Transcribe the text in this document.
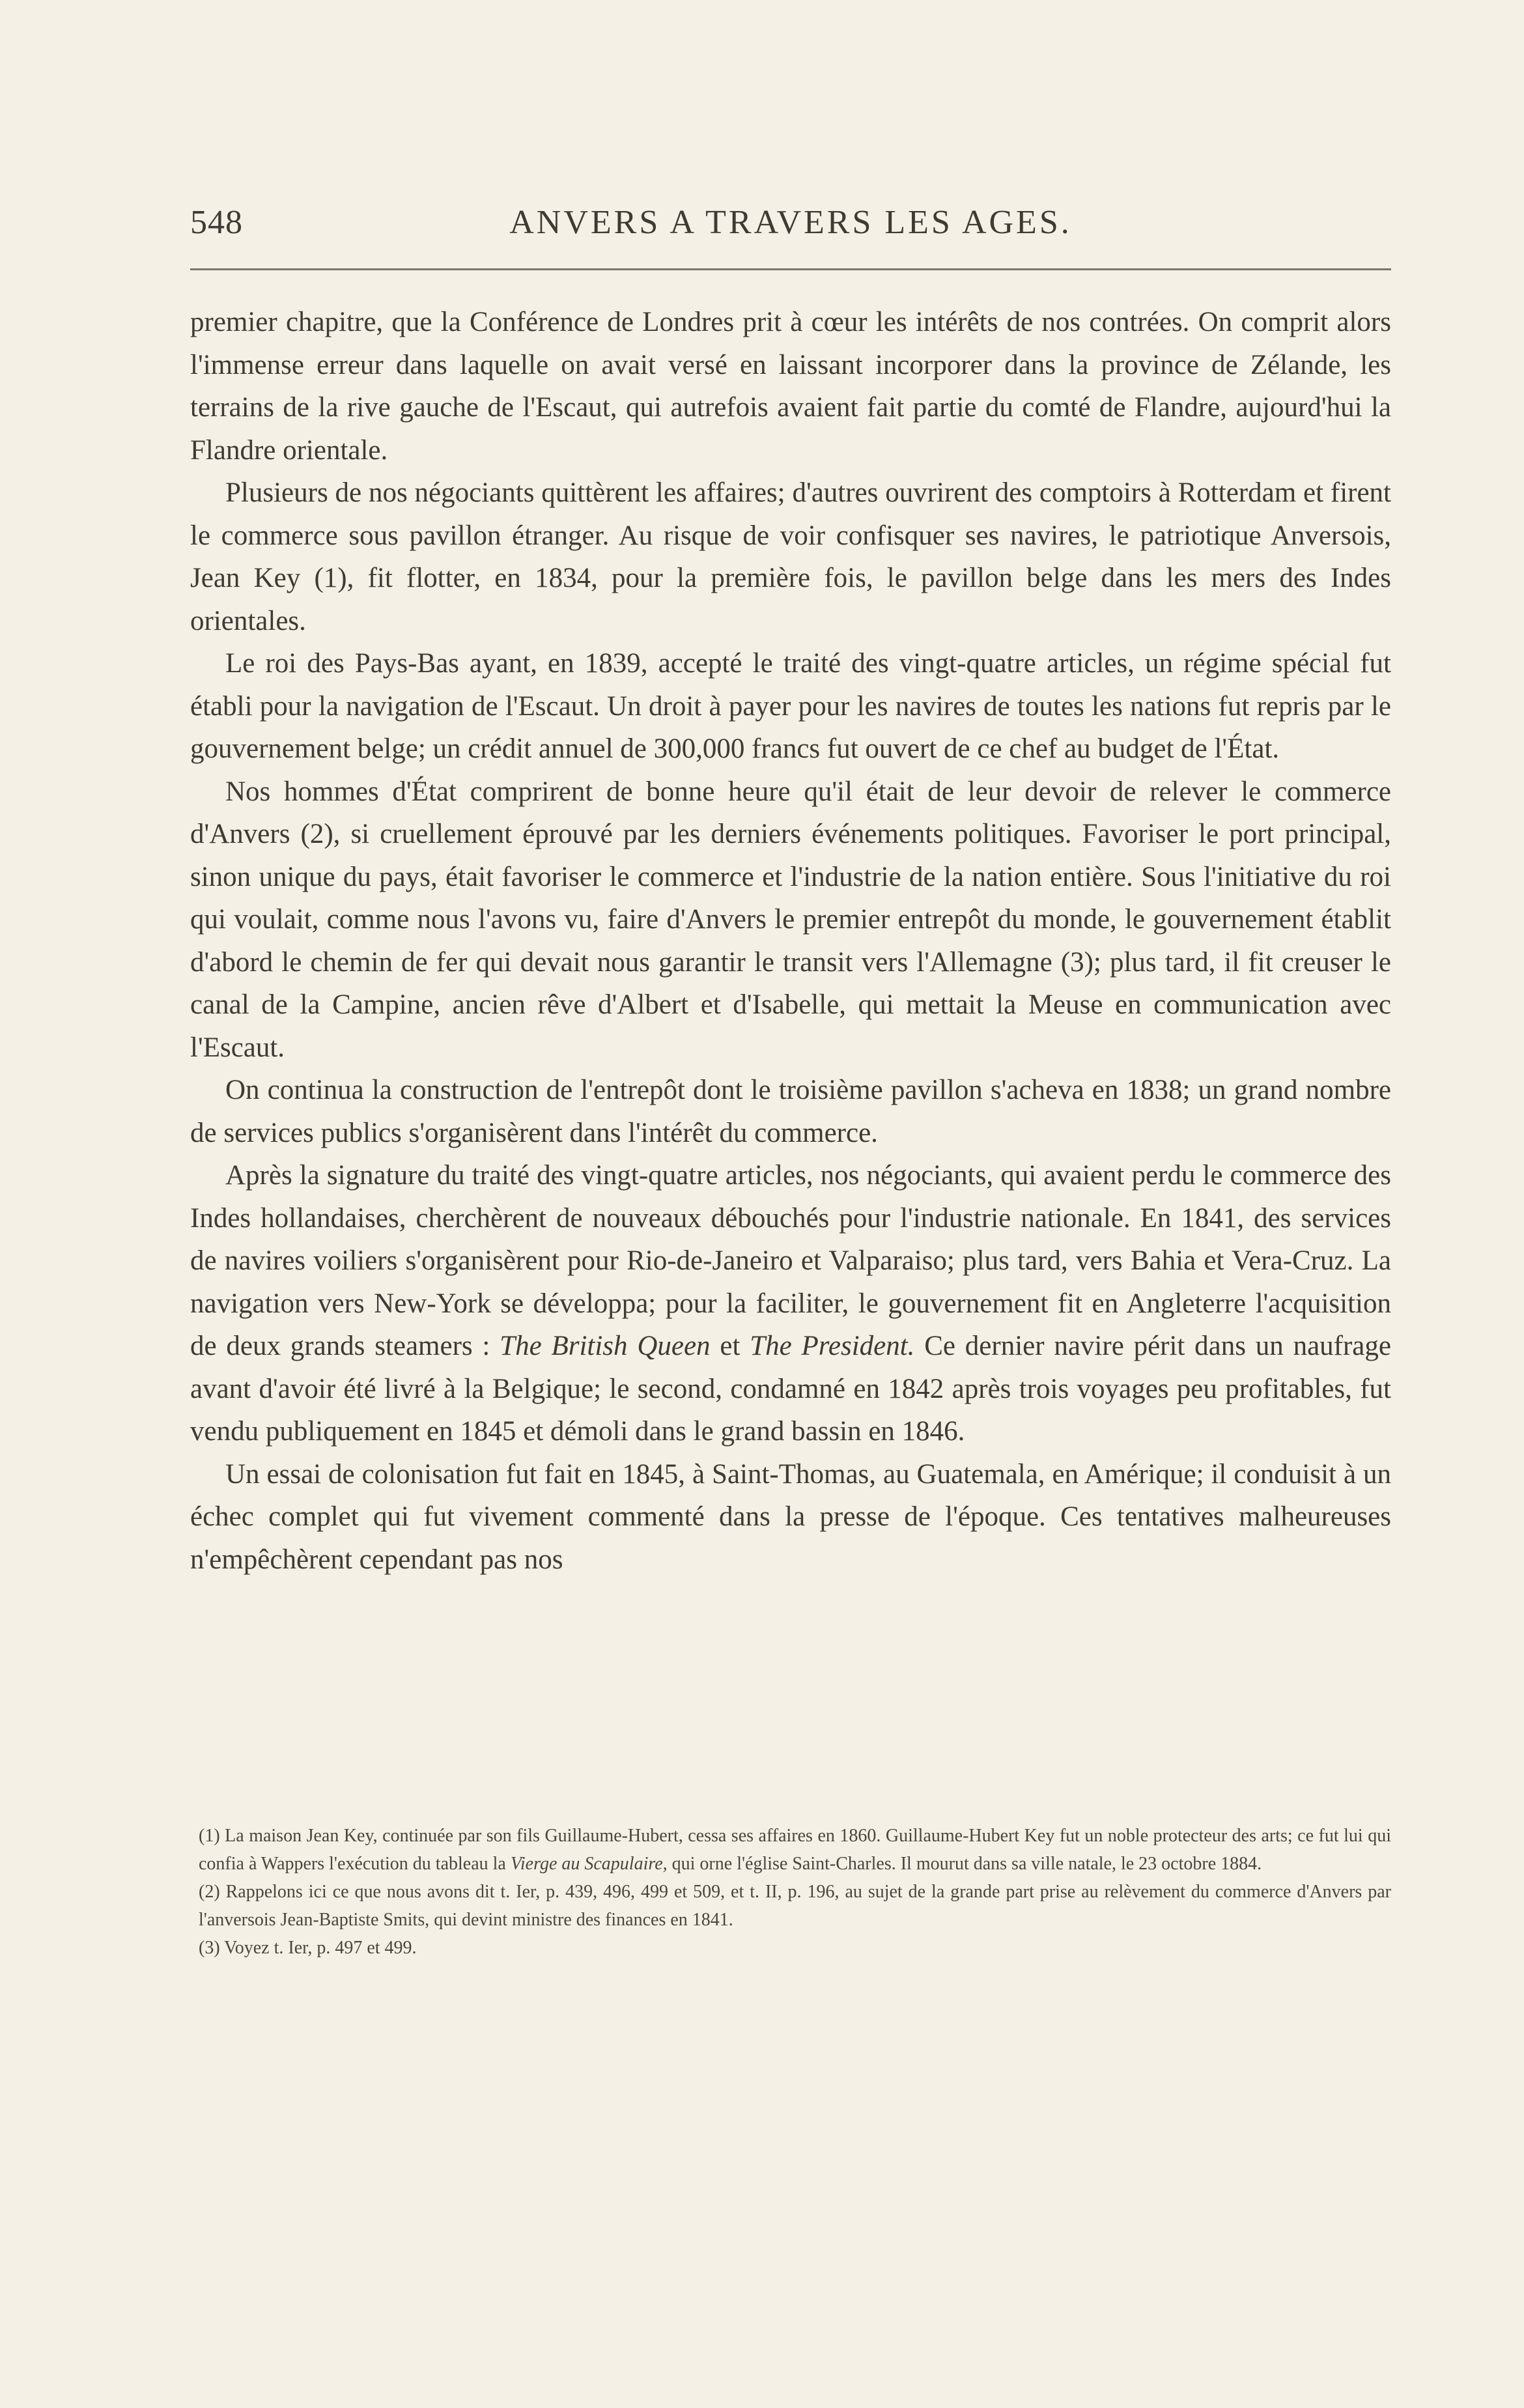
548	ANVERS A TRAVERS LES AGES.

premier chapitre, que la Conférence de Londres prit à cœur les intérêts de nos contrées. On comprit alors l'immense erreur dans laquelle on avait versé en laissant incorporer dans la province de Zélande, les terrains de la rive gauche de l'Escaut, qui autrefois avaient fait partie du comté de Flandre, aujourd'hui la Flandre orientale.

Plusieurs de nos négociants quittèrent les affaires; d'autres ouvrirent des comptoirs à Rotterdam et firent le commerce sous pavillon étranger. Au risque de voir confisquer ses navires, le patriotique Anversois, Jean Key (1), fit flotter, en 1834, pour la première fois, le pavillon belge dans les mers des Indes orientales.

Le roi des Pays-Bas ayant, en 1839, accepté le traité des vingt-quatre articles, un régime spécial fut établi pour la navigation de l'Escaut. Un droit à payer pour les navires de toutes les nations fut repris par le gouvernement belge; un crédit annuel de 300,000 francs fut ouvert de ce chef au budget de l'État.

Nos hommes d'État comprirent de bonne heure qu'il était de leur devoir de relever le commerce d'Anvers (2), si cruellement éprouvé par les derniers événements politiques. Favoriser le port principal, sinon unique du pays, était favoriser le commerce et l'industrie de la nation entière. Sous l'initiative du roi qui voulait, comme nous l'avons vu, faire d'Anvers le premier entrepôt du monde, le gouvernement établit d'abord le chemin de fer qui devait nous garantir le transit vers l'Allemagne (3); plus tard, il fit creuser le canal de la Campine, ancien rêve d'Albert et d'Isabelle, qui mettait la Meuse en communication avec l'Escaut.

On continua la construction de l'entrepôt dont le troisième pavillon s'acheva en 1838; un grand nombre de services publics s'organisèrent dans l'intérêt du commerce.

Après la signature du traité des vingt-quatre articles, nos négociants, qui avaient perdu le commerce des Indes hollandaises, cherchèrent de nouveaux débouchés pour l'industrie nationale. En 1841, des services de navires voiliers s'organisèrent pour Rio-de-Janeiro et Valparaiso; plus tard, vers Bahia et Vera-Cruz. La navigation vers New-York se développa; pour la faciliter, le gouvernement fit en Angleterre l'acquisition de deux grands steamers : The British Queen et The President. Ce dernier navire périt dans un naufrage avant d'avoir été livré à la Belgique; le second, condamné en 1842 après trois voyages peu profitables, fut vendu publiquement en 1845 et démoli dans le grand bassin en 1846.

Un essai de colonisation fut fait en 1845, à Saint-Thomas, au Guatemala, en Amérique; il conduisit à un échec complet qui fut vivement commenté dans la presse de l'époque. Ces tentatives malheureuses n'empêchèrent cependant pas nos

(1) La maison Jean Key, continuée par son fils Guillaume-Hubert, cessa ses affaires en 1860. Guillaume-Hubert Key fut un noble protecteur des arts; ce fut lui qui confia à Wappers l'exécution du tableau la Vierge au Scapulaire, qui orne l'église Saint-Charles. Il mourut dans sa ville natale, le 23 octobre 1884.

(2) Rappelons ici ce que nous avons dit t. Ier, p. 439, 496, 499 et 509, et t. II, p. 196, au sujet de la grande part prise au relèvement du commerce d'Anvers par l'anversois Jean-Baptiste Smits, qui devint ministre des finances en 1841.

(3) Voyez t. Ier, p. 497 et 499.
